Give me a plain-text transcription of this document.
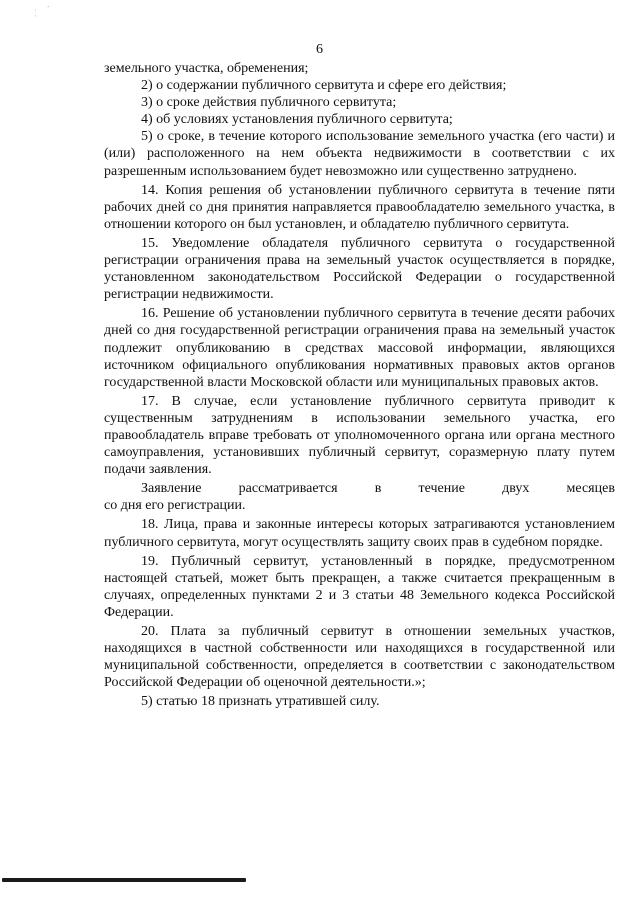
· ˊ ·
6

земельного участка, обременения;

2) о содержании публичного сервитута и сфере его действия;

3) о сроке действия публичного сервитута;

4) об условиях установления публичного сервитута;

5) о сроке, в течение которого использование земельного участка (его части) и (или) расположенного на нем объекта недвижимости в соответствии с их разрешенным использованием будет невозможно или существенно затруднено.

14. Копия решения об установлении публичного сервитута в течение пяти рабочих дней со дня принятия направляется правообладателю земельного участка, в отношении которого он был установлен, и обладателю публичного сервитута.

15. Уведомление обладателя публичного сервитута о государственной регистрации ограничения права на земельный участок осуществляется в порядке, установленном законодательством Российской Федерации о государственной регистрации недвижимости.

16. Решение об установлении публичного сервитута в течение десяти рабочих дней со дня государственной регистрации ограничения права на земельный участок подлежит опубликованию в средствах массовой информации, являющихся источником официального опубликования нормативных правовых актов органов государственной власти Московской области или муниципальных правовых актов.

17. В случае, если установление публичного сервитута приводит к существенным затруднениям в использовании земельного участка, его правообладатель вправе требовать от уполномоченного органа или органа местного самоуправления, установивших публичный сервитут, соразмерную плату путем подачи заявления.

Заявление	рассматривается	в	течение	двух	месяцев

со дня его регистрации.

18. Лица, права и законные интересы которых затрагиваются установлением публичного сервитута, могут осуществлять защиту своих прав в судебном порядке.

19. Публичный сервитут, установленный в порядке, предусмотренном настоящей статьей, может быть прекращен, а также считается прекращенным в случаях, определенных пунктами 2 и 3 статьи 48 Земельного кодекса Российской Федерации.

20. Плата за публичный сервитут в отношении земельных участков, находящихся в частной собственности или находящихся в государственной или муниципальной собственности, определяется в соответствии с законодательством Российской Федерации об оценочной деятельности.»;

5) статью 18 признать утратившей силу.
